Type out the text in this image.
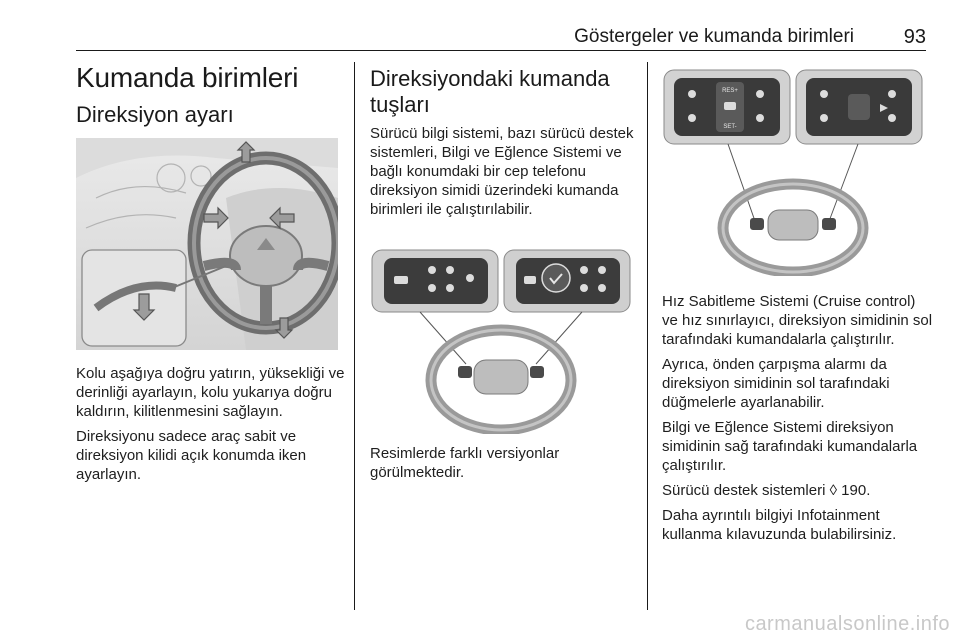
Göstergeler ve kumanda birimleri 93
Kumanda birimleri
Direksiyon ayarı

Kolu aşağıya doğru yatırın, yüksekliği ve derinliği ayarlayın, kolu yukarıya doğru kaldırın, kilitlenmesini sağlayın.

Direksiyonu sadece araç sabit ve direksiyon kilidi açık konumda iken ayarlayın.

Direksiyondaki kumanda tuşları

Sürücü bilgi sistemi, bazı sürücü destek sistemleri, Bilgi ve Eğlence Sistemi ve bağlı konumdaki bir cep telefonu direksiyon simidi üzerindeki kumanda birimleri ile çalıştırılabilir.

Resimlerde farklı versiyonlar görülmektedir.

RES+
SET-

Hız Sabitleme Sistemi (Cruise control) ve hız sınırlayıcı, direksiyon simidinin sol tarafındaki kumandalarla çalıştırılır.

Ayrıca, önden çarpışma alarmı da direksiyon simidinin sol tarafındaki düğmelerle ayarlanabilir.

Bilgi ve Eğlence Sistemi direksiyon simidinin sağ tarafındaki kumandalarla çalıştırılır.

Sürücü destek sistemleri ◊ 190.

Daha ayrıntılı bilgiyi Infotainment kullanma kılavuzunda bulabilirsiniz.

carmanualsonline.info
